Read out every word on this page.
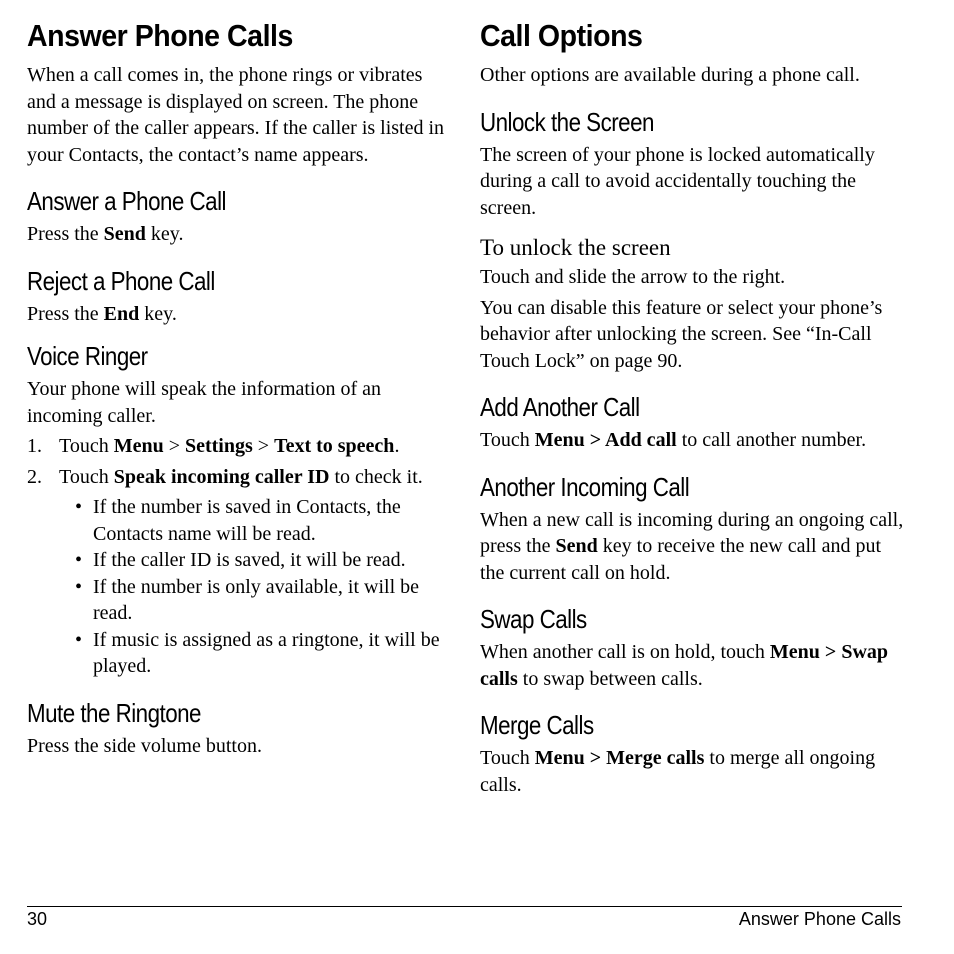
Answer Phone Calls

When a call comes in, the phone rings or vibrates and a message is displayed on screen. The phone number of the caller appears. If the caller is listed in your Contacts, the contact’s name appears.

Answer a Phone Call

Press the Send key.

Reject a Phone Call

Press the End key.

Voice Ringer

Your phone will speak the information of an incoming caller.

1. Touch Menu > Settings > Text to speech.
2. Touch Speak incoming caller ID to check it.
• If the number is saved in Contacts, the Contacts name will be read.
• If the caller ID is saved, it will be read.
• If the number is only available, it will be read.
• If music is assigned as a ringtone, it will be played.
Mute the Ringtone

Press the side volume button.

Call Options

Other options are available during a phone call.

Unlock the Screen

The screen of your phone is locked automatically during a call to avoid accidentally touching the screen.

To unlock the screen

Touch and slide the arrow to the right.

You can disable this feature or select your phone’s behavior after unlocking the screen. See “In-Call Touch Lock” on page 90.

Add Another Call

Touch Menu > Add call to call another number.

Another Incoming Call

When a new call is incoming during an ongoing call, press the Send key to receive the new call and put the current call on hold.

Swap Calls

When another call is on hold, touch Menu > Swap calls to swap between calls.

Merge Calls

Touch Menu > Merge calls to merge all ongoing calls.

30	Answer Phone Calls
